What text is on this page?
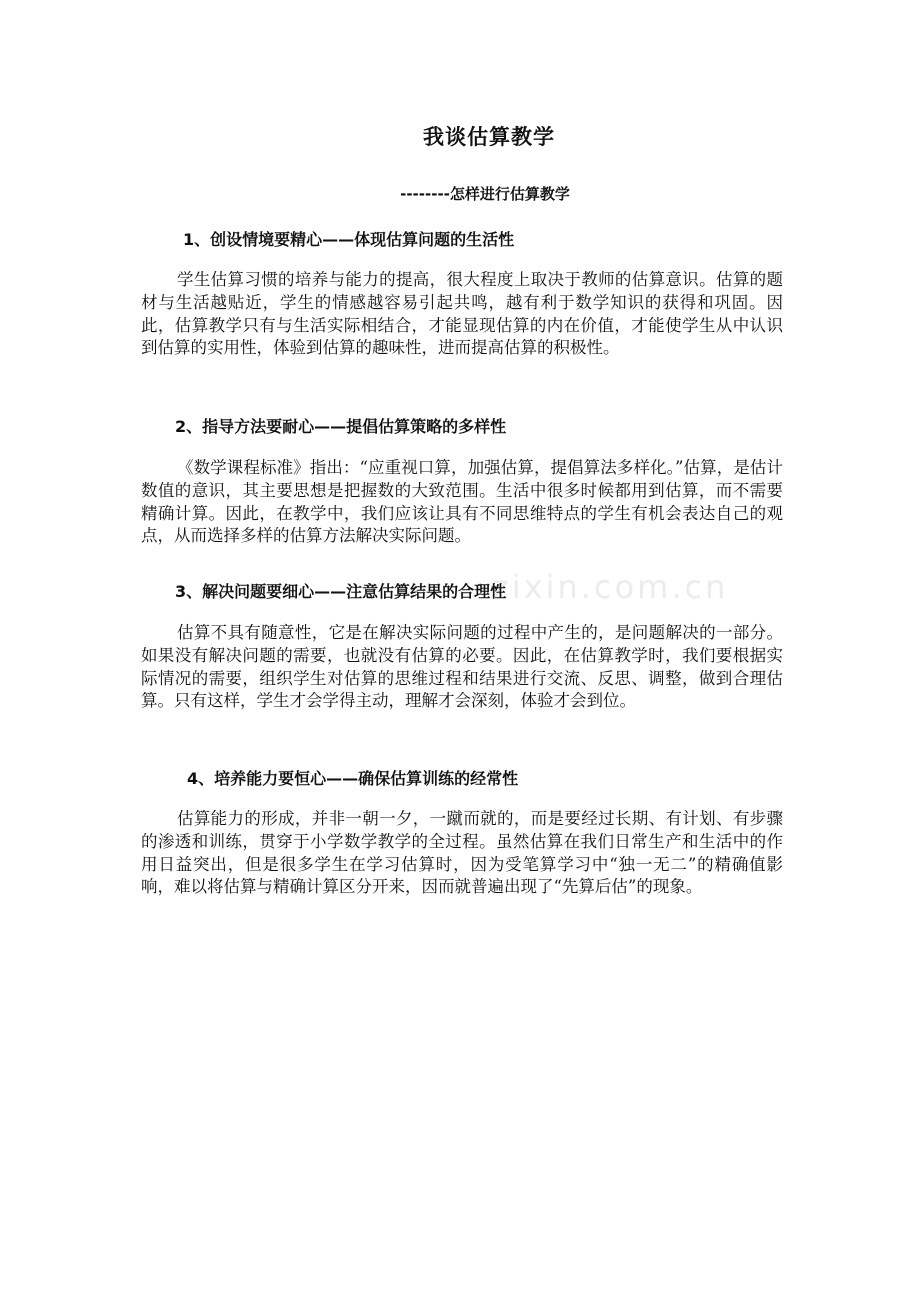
zixin.com.cn
我谈估算教学
--------怎样进行估算教学
1、创设情境要精心——体现估算问题的生活性

学生估算习惯的培养与能力的提高，很大程度上取决于教师的估算意识。估算的题材与生活越贴近，学生的情感越容易引起共鸣，越有利于数学知识的获得和巩固。因此，估算教学只有与生活实际相结合，才能显现估算的内在价值，才能使学生从中认识到估算的实用性，体验到估算的趣味性，进而提高估算的积极性。

2、指导方法要耐心——提倡估算策略的多样性

《数学课程标准》指出：“应重视口算，加强估算，提倡算法多样化。”估算，是估计数值的意识，其主要思想是把握数的大致范围。生活中很多时候都用到估算，而不需要精确计算。因此，在教学中，我们应该让具有不同思维特点的学生有机会表达自己的观点，从而选择多样的估算方法解决实际问题。

3、解决问题要细心——注意估算结果的合理性

估算不具有随意性，它是在解决实际问题的过程中产生的，是问题解决的一部分。如果没有解决问题的需要，也就没有估算的必要。因此，在估算教学时，我们要根据实际情况的需要，组织学生对估算的思维过程和结果进行交流、反思、调整，做到合理估算。只有这样，学生才会学得主动，理解才会深刻，体验才会到位。

4、培养能力要恒心——确保估算训练的经常性

估算能力的形成，并非一朝一夕，一蹴而就的，而是要经过长期、有计划、有步骤的渗透和训练，贯穿于小学数学教学的全过程。虽然估算在我们日常生产和生活中的作用日益突出，但是很多学生在学习估算时，因为受笔算学习中“独一无二”的精确值影响，难以将估算与精确计算区分开来，因而就普遍出现了“先算后估”的现象。
